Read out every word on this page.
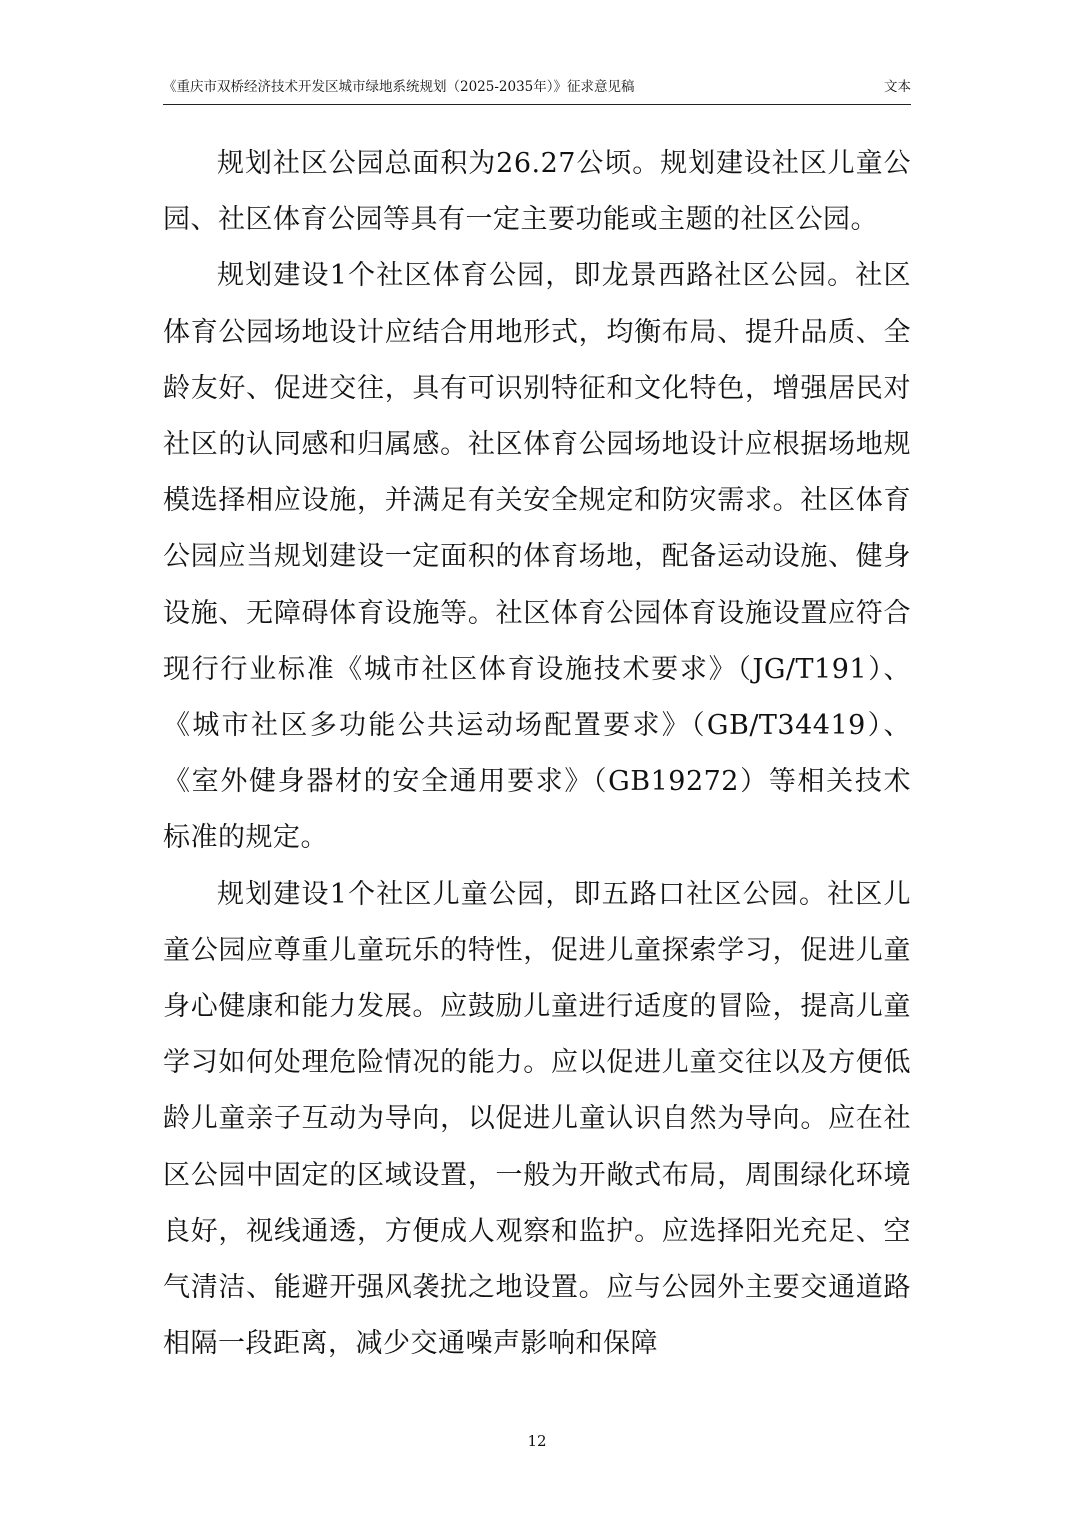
《重庆市双桥经济技术开发区城市绿地系统规划（2025-2035年）》征求意见稿	文本

规划社区公园总面积为26.27公顷。规划建设社区儿童公园、社区体育公园等具有一定主要功能或主题的社区公园。

规划建设1个社区体育公园，即龙景西路社区公园。社区体育公园场地设计应结合用地形式，均衡布局、提升品质、全龄友好、促进交往，具有可识别特征和文化特色，增强居民对社区的认同感和归属感。社区体育公园场地设计应根据场地规模选择相应设施，并满足有关安全规定和防灾需求。社区体育公园应当规划建设一定面积的体育场地，配备运动设施、健身设施、无障碍体育设施等。社区体育公园体育设施设置应符合现行行业标准《城市社区体育设施技术要求》（JG/T191）、《城市社区多功能公共运动场配置要求》（GB/T34419）、《室外健身器材的安全通用要求》（GB19272）等相关技术标准的规定。

规划建设1个社区儿童公园，即五路口社区公园。社区儿童公园应尊重儿童玩乐的特性，促进儿童探索学习，促进儿童身心健康和能力发展。应鼓励儿童进行适度的冒险，提高儿童学习如何处理危险情况的能力。应以促进儿童交往以及方便低龄儿童亲子互动为导向，以促进儿童认识自然为导向。应在社区公园中固定的区域设置，一般为开敞式布局，周围绿化环境良好，视线通透，方便成人观察和监护。应选择阳光充足、空气清洁、能避开强风袭扰之地设置。应与公园外主要交通道路相隔一段距离，减少交通噪声影响和保障

12
